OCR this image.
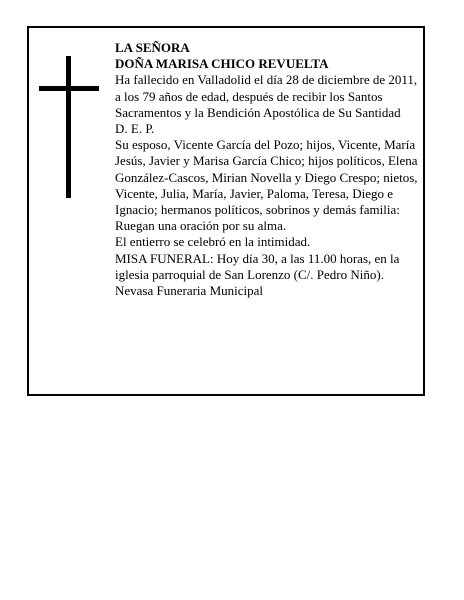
LA SEÑORA

DOÑA MARISA CHICO REVUELTA

Ha fallecido en Valladolid el día 28 de diciembre de 2011, a los 79 años de edad, después de recibir los Santos Sacramentos y la Bendición Apostólica de Su Santidad

D. E. P.

Su esposo, Vicente García del Pozo; hijos, Vicente, María Jesús, Javier y Marisa García Chico; hijos políticos, Elena González-Cascos, Mirian Novella y Diego Crespo; nietos, Vicente, Julia, María, Javier, Paloma, Teresa, Diego e Ignacio; hermanos políticos, sobrinos y demás familia:

Ruegan una oración por su alma.

El entierro se celebró en la intimidad.

MISA FUNERAL: Hoy día 30, a las 11.00 horas, en la iglesia parroquial de San Lorenzo (C/. Pedro Niño).

Nevasa Funeraria Municipal
